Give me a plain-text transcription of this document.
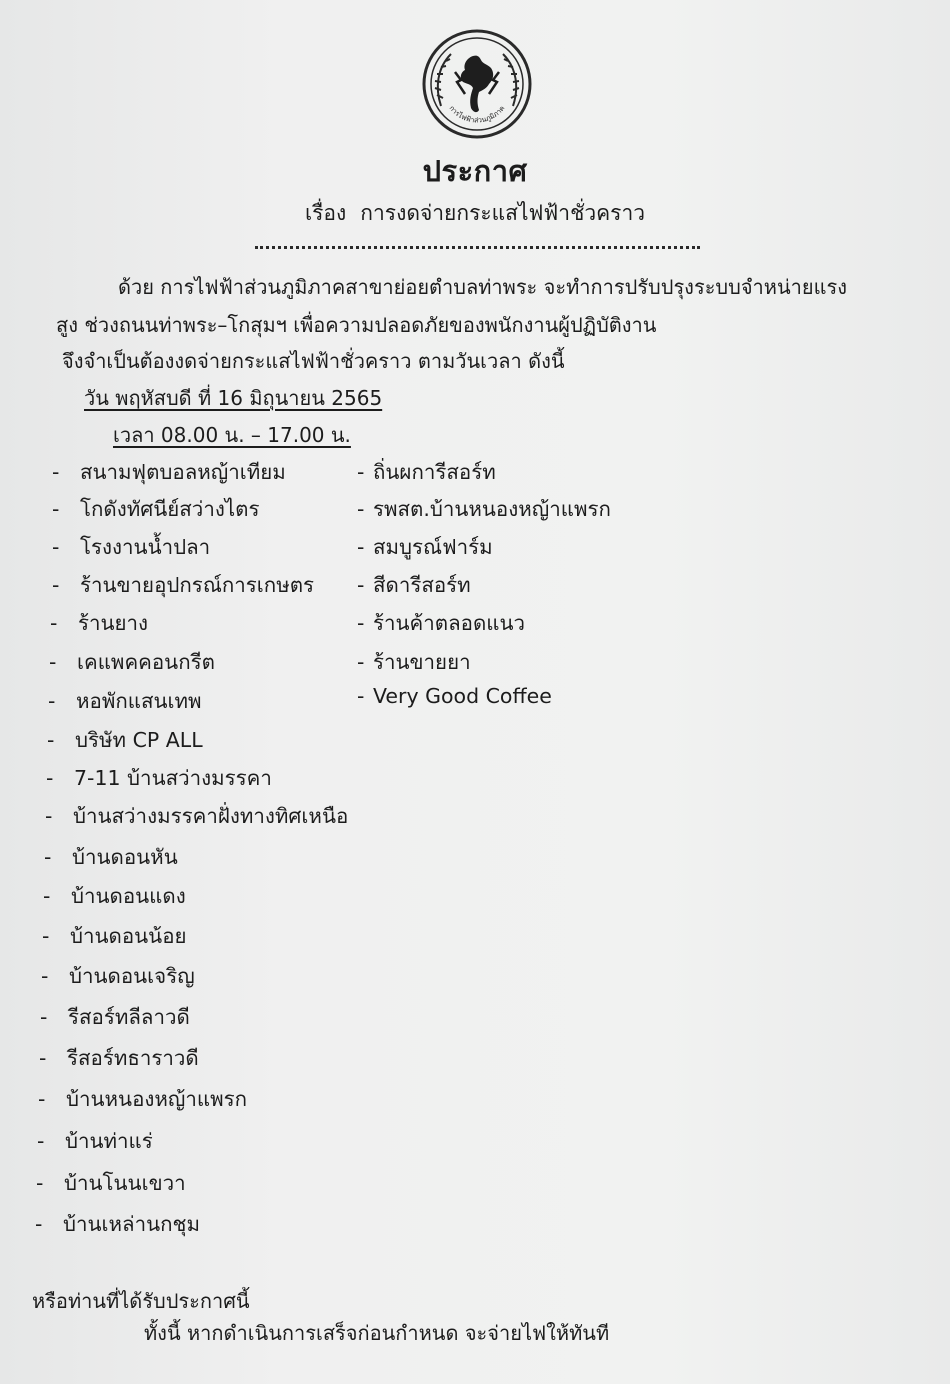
การไฟฟ้าส่วนภูมิภาค
ประกาศ
เรื่อง การงดจ่ายกระแสไฟฟ้าชั่วคราว
ด้วย การไฟฟ้าส่วนภูมิภาคสาขาย่อยตำบลท่าพระ จะทำการปรับปรุงระบบจำหน่ายแรง
สูง ช่วงถนนท่าพระ–โกสุมฯ เพื่อความปลอดภัยของพนักงานผู้ปฏิบัติงาน
จึงจำเป็นต้องงดจ่ายกระแสไฟฟ้าชั่วคราว ตามวันเวลา ดังนี้
วัน พฤหัสบดี ที่ 16 มิถุนายน 2565
เวลา 08.00 น. – 17.00 น.
- สนามฟุตบอลหญ้าเทียม
- โกดังทัศนีย์สว่างไตร
- โรงงานน้ำปลา
- ร้านขายอุปกรณ์การเกษตร
- ร้านยาง
- เคแพคคอนกรีต
- หอพักแสนเทพ
- บริษัท CP ALL
- 7-11 บ้านสว่างมรรคา
- บ้านสว่างมรรคาฝั่งทางทิศเหนือ
- บ้านดอนหัน
- บ้านดอนแดง
- บ้านดอนน้อย
- บ้านดอนเจริญ
- รีสอร์ทลีลาวดี
- รีสอร์ทธาราวดี
- บ้านหนองหญ้าแพรก
- บ้านท่าแร่
- บ้านโนนเขวา
- บ้านเหล่านกชุม
- ถิ่นผการีสอร์ท
- รพสต.บ้านหนองหญ้าแพรก
- สมบูรณ์ฟาร์ม
- สีดารีสอร์ท
- ร้านค้าตลอดแนว
- ร้านขายยา
- Very Good Coffee
หรือท่านที่ได้รับประกาศนี้
ทั้งนี้ หากดำเนินการเสร็จก่อนกำหนด จะจ่ายไฟให้ทันที
